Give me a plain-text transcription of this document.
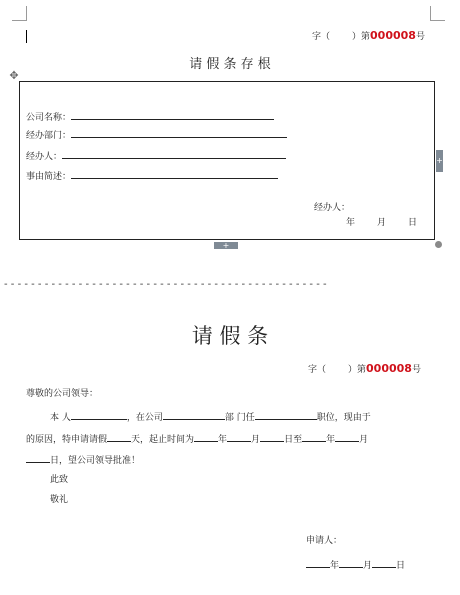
字（ ）第000008号
请 假 条 存 根
✥
公司名称：
经办部门：
经办人：
事由简述：
经办人：
年 月 日
+
+
- - - - - - - - - - - - - - - - - - - - - - - - - - - - - - - - - - - - - - - - - - - - - - - -
请 假 条
字（ ）第000008号
尊敬的公司领导：
本 人	，在公司	部 门任	职位，现由于
的原因，特申请请假	天，起止时间为	年	月	日至	年	月
日，望公司领导批准！
此致
敬礼
申请人：
年	月	日
